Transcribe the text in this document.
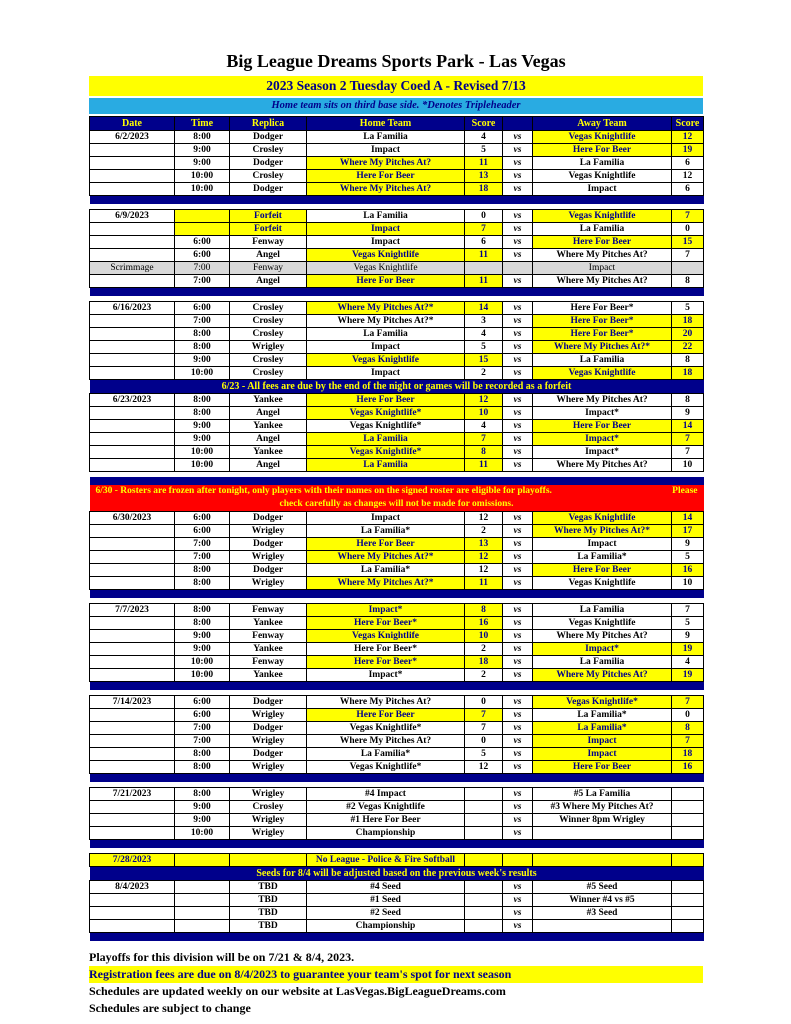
Big League Dreams Sports Park - Las Vegas
2023 Season 2 Tuesday Coed A - Revised 7/13
Home team sits on third base side. *Denotes Tripleheader
Date	Time	Replica	Home Team	Score		Away Team	Score
6/2/2023	8:00	Dodger	La Familia	4	vs	Vegas Knightlife	12
	9:00	Crosley	Impact	5	vs	Here For Beer	19
	9:00	Dodger	Where My Pitches At?	11	vs	La Familia	6
	10:00	Crosley	Here For Beer	13	vs	Vegas Knightlife	12
	10:00	Dodger	Where My Pitches At?	18	vs	Impact	6

6/9/2023		Forfeit	La Familia	0	vs	Vegas Knightlife	7
		Forfeit	Impact	7	vs	La Familia	0
	6:00	Fenway	Impact	6	vs	Here For Beer	15
	6:00	Angel	Vegas Knightlife	11	vs	Where My Pitches At?	7
Scrimmage	7:00	Fenway	Vegas Knightlife			Impact	
	7:00	Angel	Here For Beer	11	vs	Where My Pitches At?	8

6/16/2023	6:00	Crosley	Where My Pitches At?*	14	vs	Here For Beer*	5
	7:00	Crosley	Where My Pitches At?*	3	vs	Here For Beer*	18
	8:00	Crosley	La Familia	4	vs	Here For Beer*	20
	8:00	Wrigley	Impact	5	vs	Where My Pitches At?*	22
	9:00	Crosley	Vegas Knightlife	15	vs	La Familia	8
	10:00	Crosley	Impact	2	vs	Vegas Knightlife	18
6/23 - All fees are due by the end of the night or games will be recorded as a forfeit							
6/23/2023	8:00	Yankee	Here For Beer	12	vs	Where My Pitches At?	8
	8:00	Angel	Vegas Knightlife*	10	vs	Impact*	9
	9:00	Yankee	Vegas Knightlife*	4	vs	Here For Beer	14
	9:00	Angel	La Familia	7	vs	Impact*	7
	10:00	Yankee	Vegas Knightlife*	8	vs	Impact*	7
	10:00	Angel	La Familia	11	vs	Where My Pitches At?	10

6/30 - Rosters are frozen after tonight, only players with their names on the signed roster are eligible for playoffs. Please
check carefully as changes will not be made for omissions.							

6/30/2023	6:00	Dodger	Impact	12	vs	Vegas Knightlife	14
	6:00	Wrigley	La Familia*	2	vs	Where My Pitches At?*	17
	7:00	Dodger	Here For Beer	13	vs	Impact	9
	7:00	Wrigley	Where My Pitches At?*	12	vs	La Familia*	5
	8:00	Dodger	La Familia*	12	vs	Here For Beer	16
	8:00	Wrigley	Where My Pitches At?*	11	vs	Vegas Knightlife	10

7/7/2023	8:00	Fenway	Impact*	8	vs	La Familia	7
	8:00	Yankee	Here For Beer*	16	vs	Vegas Knightlife	5
	9:00	Fenway	Vegas Knightlife	10	vs	Where My Pitches At?	9
	9:00	Yankee	Here For Beer*	2	vs	Impact*	19
	10:00	Fenway	Here For Beer*	18	vs	La Familia	4
	10:00	Yankee	Impact*	2	vs	Where My Pitches At?	19

7/14/2023	6:00	Dodger	Where My Pitches At?	0	vs	Vegas Knightlife*	7
	6:00	Wrigley	Here For Beer	7	vs	La Familia*	0
	7:00	Dodger	Vegas Knightlife*	7	vs	La Familia*	8
	7:00	Wrigley	Where My Pitches At?	0	vs	Impact	7
	8:00	Dodger	La Familia*	5	vs	Impact	18
	8:00	Wrigley	Vegas Knightlife*	12	vs	Here For Beer	16

7/21/2023	8:00	Wrigley	#4 Impact		vs	#5 La Familia	
	9:00	Crosley	#2 Vegas Knightlife		vs	#3 Where My Pitches At?	
	9:00	Wrigley	#1 Here For Beer		vs	Winner 8pm Wrigley	
	10:00	Wrigley	Championship		vs		

7/28/2023			No League - Police & Fire Softball				
Seeds for 8/4 will be adjusted based on the previous week's results							
8/4/2023		TBD	#4 Seed		vs	#5 Seed	
		TBD	#1 Seed		vs	Winner #4 vs #5	
		TBD	#2 Seed		vs	#3 Seed	
		TBD	Championship		vs		

Playoffs for this division will be on 7/21 & 8/4, 2023.
Registration fees are due on 8/4/2023 to guarantee your team's spot for next season
Schedules are updated weekly on our website at LasVegas.BigLeagueDreams.com
Schedules are subject to change
